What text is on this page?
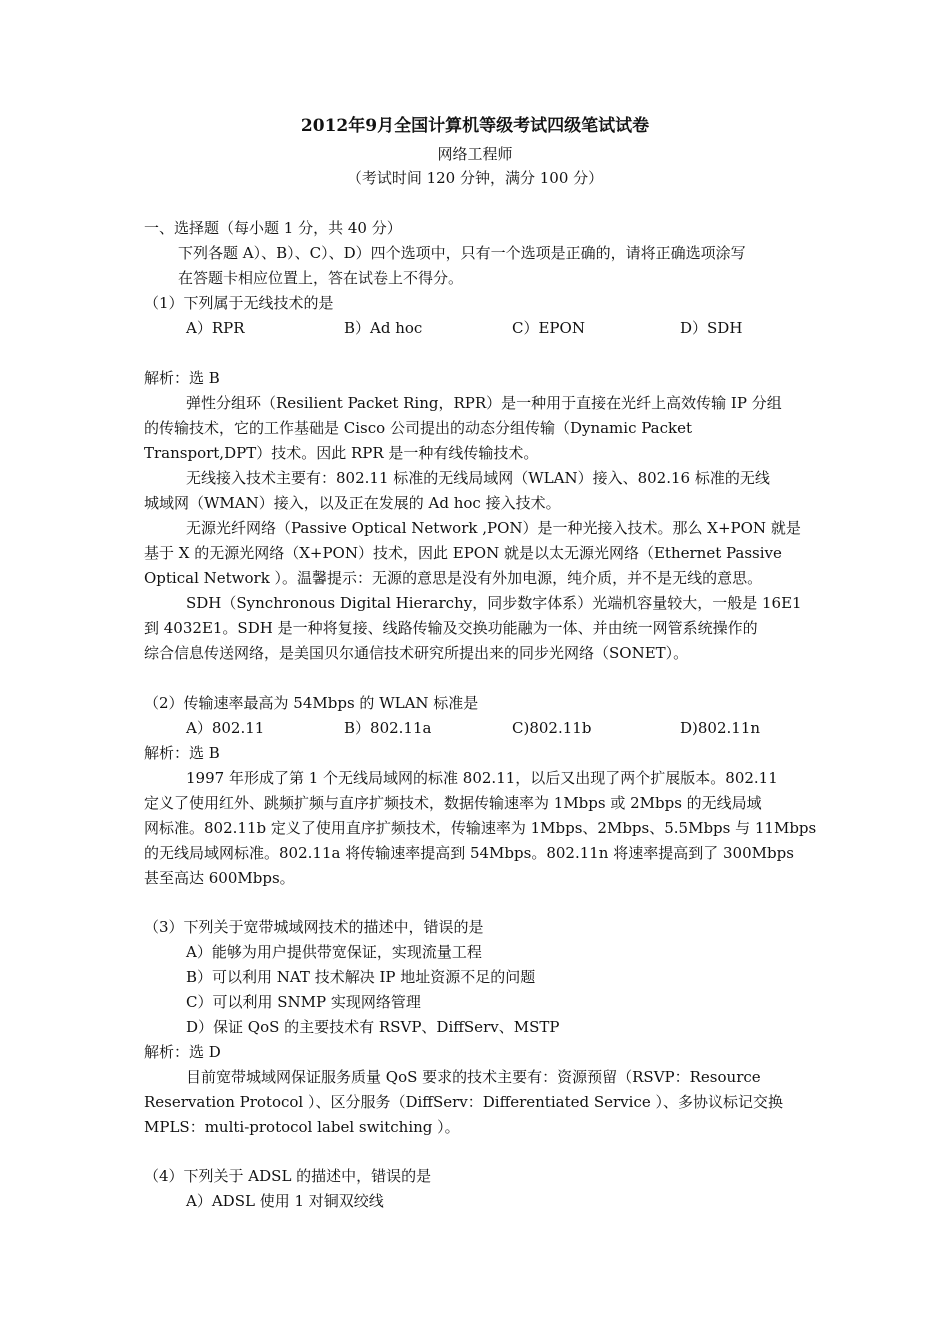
2012年9月全国计算机等级考试四级笔试试卷
网络工程师
（考试时间 120 分钟，满分 100 分）
一、选择题（每小题 1 分，共 40 分）
下列各题 A）、B）、C）、D）四个选项中，只有一个选项是正确的，请将正确选项涂写
在答题卡相应位置上，答在试卷上不得分。
（1）下列属于无线技术的是
A）RPR	B）Ad hoc	C）EPON	D）SDH
解析：选 B
弹性分组环（Resilient Packet Ring，RPR）是一种用于直接在光纤上高效传输 IP 分组
的传输技术，它的工作基础是 Cisco 公司提出的动态分组传输（Dynamic Packet
Transport,DPT）技术。因此 RPR 是一种有线传输技术。
无线接入技术主要有：802.11 标准的无线局域网（WLAN）接入、802.16 标准的无线
城域网（WMAN）接入，以及正在发展的 Ad hoc 接入技术。
无源光纤网络（Passive Optical Network ,PON）是一种光接入技术。那么 X+PON 就是
基于 X 的无源光网络（X+PON）技术，因此 EPON 就是以太无源光网络（Ethernet Passive
Optical Network ）。温馨提示：无源的意思是没有外加电源，纯介质，并不是无线的意思。
SDH（Synchronous Digital Hierarchy，同步数字体系）光端机容量较大，一般是 16E1
到 4032E1。SDH 是一种将复接、线路传输及交换功能融为一体、并由统一网管系统操作的
综合信息传送网络，是美国贝尔通信技术研究所提出来的同步光网络（SONET）。
（2）传输速率最高为 54Mbps 的 WLAN 标准是
A）802.11	B）802.11a	C)802.11b	D)802.11n
解析：选 B
1997 年形成了第 1 个无线局域网的标准 802.11，以后又出现了两个扩展版本。802.11
定义了使用红外、跳频扩频与直序扩频技术，数据传输速率为 1Mbps 或 2Mbps 的无线局域
网标准。802.11b 定义了使用直序扩频技术，传输速率为 1Mbps、2Mbps、5.5Mbps 与 11Mbps
的无线局域网标准。802.11a 将传输速率提高到 54Mbps。802.11n 将速率提高到了 300Mbps
甚至高达 600Mbps。
（3）下列关于宽带城域网技术的描述中，错误的是
A）能够为用户提供带宽保证，实现流量工程
B）可以利用 NAT 技术解决 IP 地址资源不足的问题
C）可以利用 SNMP 实现网络管理
D）保证 QoS 的主要技术有 RSVP、DiffServ、MSTP
解析：选 D
目前宽带城域网保证服务质量 QoS 要求的技术主要有：资源预留（RSVP：Resource
Reservation Protocol ）、区分服务（DiffServ：Differentiated Service ）、多协议标记交换
MPLS：multi-protocol label switching ）。
（4）下列关于 ADSL 的描述中，错误的是
A）ADSL 使用 1 对铜双绞线
